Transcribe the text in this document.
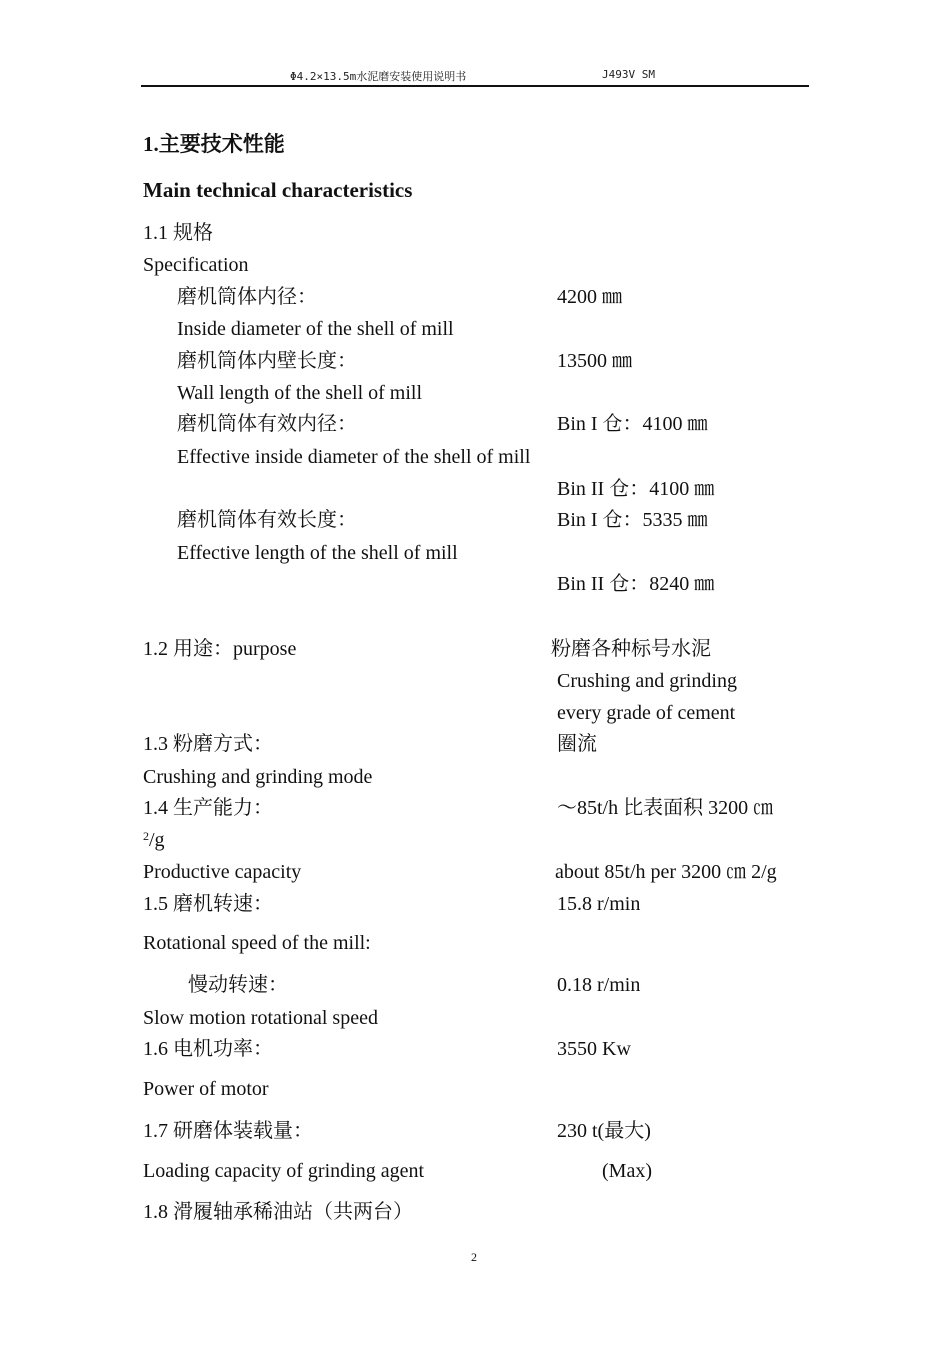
Φ4.2×13.5m水泥磨安装使用说明书	J493V SM
1.主要技术性能
Main technical characteristics
1.1 规格
Specification
磨机筒体内径：	4200 ㎜
Inside diameter of the shell of mill
磨机筒体内壁长度：	13500 ㎜
Wall length of the shell of mill
磨机筒体有效内径：	Bin I 仓：4100 ㎜
Effective inside diameter of the shell of mill
Bin II 仓：4100 ㎜
磨机筒体有效长度：	Bin I 仓：5335 ㎜
Effective length of the shell of mill
Bin II 仓：8240 ㎜
1.2 用途：purpose	粉磨各种标号水泥
Crushing and grinding
every grade of cement
1.3 粉磨方式：	圈流
Crushing and grinding mode
1.4 生产能力：	～85t/h 比表面积 3200 ㎝
$^2$/g
Productive capacity	about 85t/h per 3200 ㎝ 2/g
1.5 磨机转速：	15.8 r/min
Rotational speed of the mill:
慢动转速：	0.18 r/min
Slow motion rotational speed
1.6 电机功率：	3550 Kw
Power of motor
1.7 研磨体装载量：	230 t(最大)
Loading capacity of grinding agent	(Max)
1.8 滑履轴承稀油站（共两台）
2
